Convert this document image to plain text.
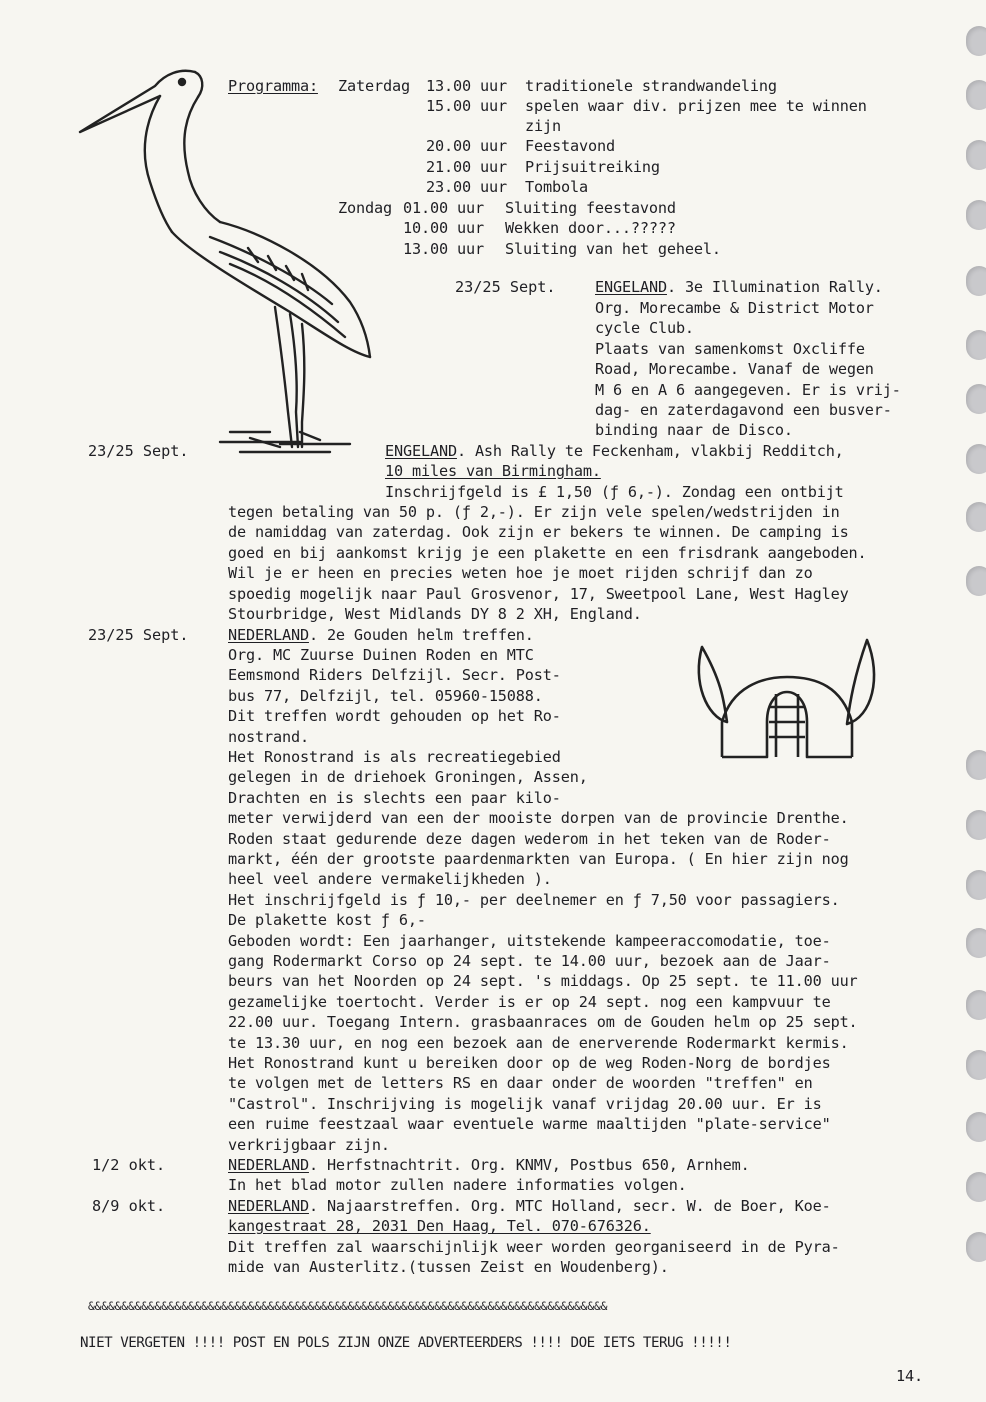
Programma: Zaterdag 13.00 uur traditionele strandwandeling
15.00 uur spelen waar div. prijzen mee te winnen
zijn
20.00 uur Feestavond
21.00 uur Prijsuitreiking
23.00 uur Tombola
Zondag 01.00 uur Sluiting feestavond
10.00 uur Wekken door...?????
13.00 uur Sluiting van het geheel.
23/25 Sept.	ENGELAND. 3e Illumination Rally.
Org. Morecambe & District Motor
cycle Club.
Plaats van samenkomst Oxcliffe
Road, Morecambe. Vanaf de wegen
M 6 en A 6 aangegeven. Er is vrij-
dag- en zaterdagavond een busver-
binding naar de Disco.
23/25 Sept.	ENGELAND. Ash Rally te Feckenham, vlakbij Redditch,
10 miles van Birmingham.
Inschrijfgeld is £ 1,50 (ƒ 6,-). Zondag een ontbijt
tegen betaling van 50 p. (ƒ 2,-). Er zijn vele spelen/wedstrijden in
de namiddag van zaterdag. Ook zijn er bekers te winnen. De camping is
goed en bij aankomst krijg je een plakette en een frisdrank aangeboden.
Wil je er heen en precies weten hoe je moet rijden schrijf dan zo
spoedig mogelijk naar Paul Grosvenor, 17, Sweetpool Lane, West Hagley
Stourbridge, West Midlands DY 8 2 XH, England.
23/25 Sept.	NEDERLAND. 2e Gouden helm treffen.
Org. MC Zuurse Duinen Roden en MTC
Eemsmond Riders Delfzijl. Secr. Post-
bus 77, Delfzijl, tel. 05960-15088.
Dit treffen wordt gehouden op het Ro-
nostrand.
Het Ronostrand is als recreatiegebied
gelegen in de driehoek Groningen, Assen,
Drachten en is slechts een paar kilo-
meter verwijderd van een der mooiste dorpen van de provincie Drenthe.
Roden staat gedurende deze dagen wederom in het teken van de Roder-
markt, één der grootste paardenmarkten van Europa. ( En hier zijn nog
heel veel andere vermakelijkheden ).
Het inschrijfgeld is ƒ 10,- per deelnemer en ƒ 7,50 voor passagiers.
De plakette kost ƒ 6,-
Geboden wordt: Een jaarhanger, uitstekende kampeeraccomodatie, toe-
gang Rodermarkt Corso op 24 sept. te 14.00 uur, bezoek aan de Jaar-
beurs van het Noorden op 24 sept. 's middags. Op 25 sept. te 11.00 uur
gezamelijke toertocht. Verder is er op 24 sept. nog een kampvuur te
22.00 uur. Toegang Intern. grasbaanraces om de Gouden helm op 25 sept.
te 13.30 uur, en nog een bezoek aan de enerverende Rodermarkt kermis.
Het Ronostrand kunt u bereiken door op de weg Roden-Norg de bordjes
te volgen met de letters RS en daar onder de woorden "treffen" en
"Castrol". Inschrijving is mogelijk vanaf vrijdag 20.00 uur. Er is
een ruime feestzaal waar eventuele warme maaltijden "plate-service"
verkrijgbaar zijn.
1/2 okt.	NEDERLAND. Herfstnachtrit. Org. KNMV, Postbus 650, Arnhem.
In het blad motor zullen nadere informaties volgen.
8/9 okt.	NEDERLAND. Najaarstreffen. Org. MTC Holland, secr. W. de Boer, Koe-
kangestraat 28, 2031 Den Haag, Tel. 070-676326.
Dit treffen zal waarschijnlijk weer worden georganiseerd in de Pyra-
mide van Austerlitz.(tussen Zeist en Woudenberg).
&&&&&&&&&&&&&&&&&&&&&&&&&&&&&&&&&&&&&&&&&&&&&&&&&&&&&&&&&&&&&&&&&&&&&&&&&&&&&&
NIET VERGETEN !!!! POST EN POLS ZIJN ONZE ADVERTEERDERS !!!! DOE IETS TERUG !!!!!
14.
